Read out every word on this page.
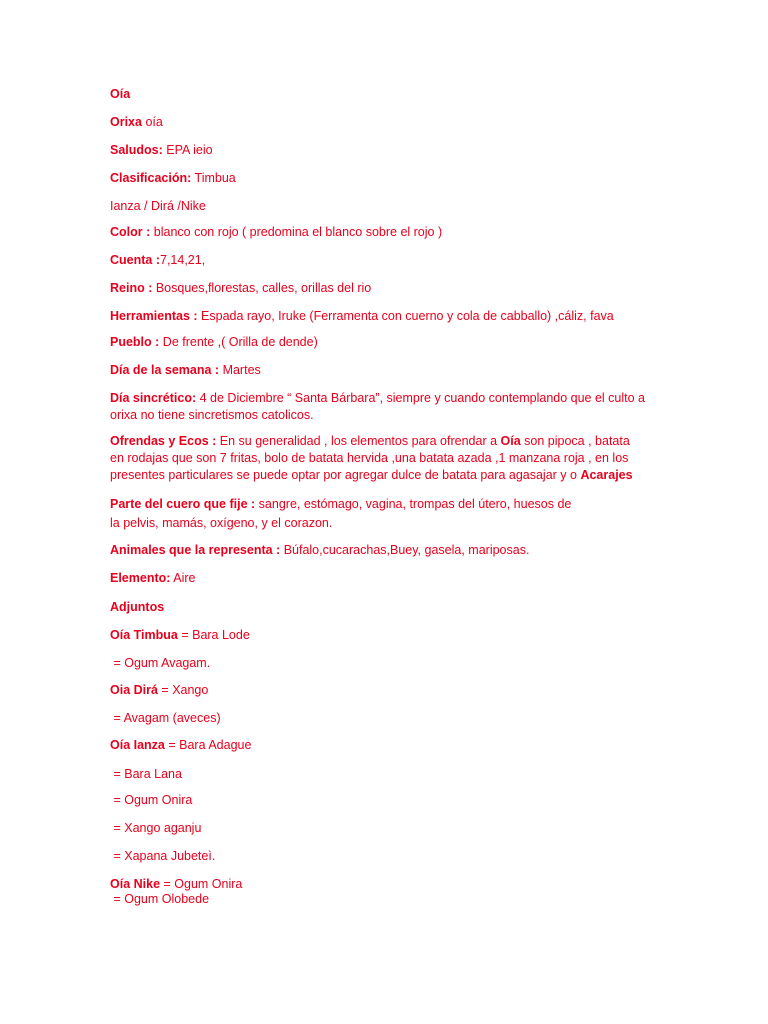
Oía
Orixa oía
Saludos: EPA ieio
Clasificación: Timbua
Ianza / Dirá /Nike
Color : blanco con rojo ( predomina el blanco sobre el rojo )
Cuenta :7,14,21,
Reino : Bosques,florestas, calles, orillas del rio
Herramientas : Espada rayo, Iruke (Ferramenta con cuerno y cola de cabballo) ,cáliz, fava
Pueblo : De frente ,( Orilla de dende)
Día de la semana : Martes
Día sincrético: 4 de Diciembre “ Santa Bárbara”, siempre y cuando contemplando que el culto a
orixa no tiene sincretismos catolicos.
Ofrendas y Ecos : En su generalidad , los elementos para ofrendar a Oía son pipoca , batata
en rodajas que son 7 fritas, bolo de batata hervida ,una batata azada ,1 manzana roja , en los
presentes particulares se puede optar por agregar dulce de batata para agasajar y o Acarajes
Parte del cuero que fije : sangre, estómago, vagina, trompas del útero, huesos de
la pelvis, mamás, oxígeno, y el corazon.
Animales que la representa : Búfalo,cucarachas,Buey, gasela, mariposas.
Elemento: Aire
Adjuntos
Oía Timbua = Bara Lode
= Ogum Avagam.
Oia Dirá = Xango
= Avagam (aveces)
Oía Ianza = Bara Adague
= Bara Lana
= Ogum Onira
= Xango aganju
= Xapana Jubeteì.
Oía Nike = Ogum Onira
= Ogum Olobede
